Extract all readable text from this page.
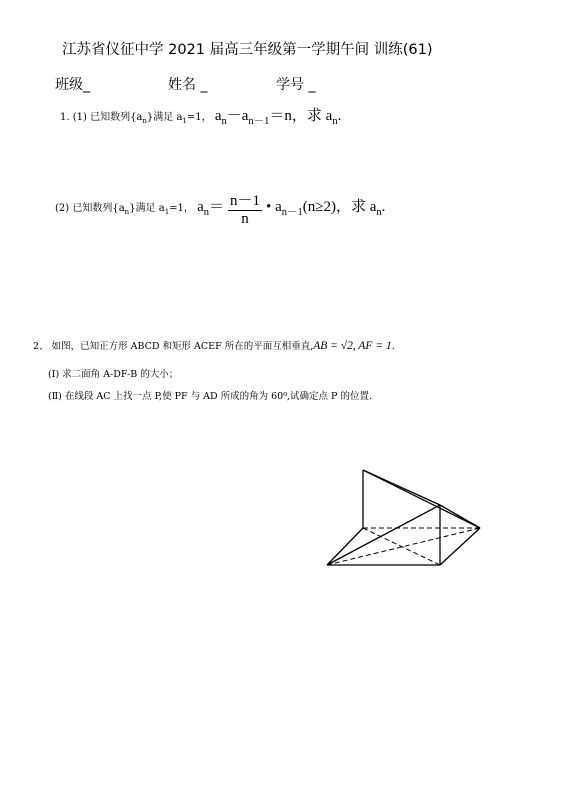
江苏省仪征中学 2021 届高三年级第一学期午间 训练(61)
班级_	姓名 _	学号 _
1. (1) 已知数列$\{a_n\}$满足 $a_1=1$， $a_n-a_{n-1}=n$，求 $a_n$.
(2) 已知数列$\{a_n\}$满足 $a_1=1$， $a_n= \frac{n-1}{n}$ • $a_{n-1}(n\ge 2)$，求 $a_n$.
2、 如图，已知正方形 ABCD 和矩形 ACEF 所在的平面互相垂直,AB = √2, AF = 1.
(Ⅰ) 求二面角 A-DF-B 的大小；
(Ⅱ) 在线段 AC 上找一点 P,使 PF 与 AD 所成的角为 60⁰,试确定点 P 的位置.
